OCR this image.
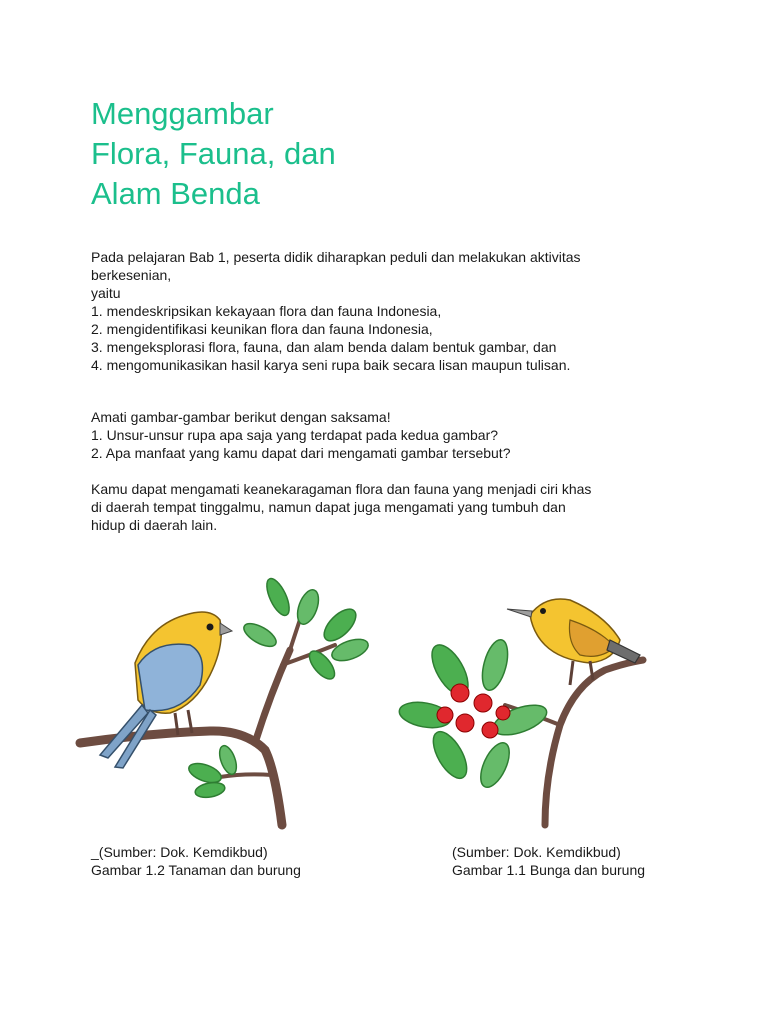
Menggambar
Flora, Fauna, dan
Alam Benda
Pada pelajaran Bab 1, peserta didik diharapkan peduli dan melakukan aktivitas
berkesenian,
yaitu
1. mendeskripsikan kekayaan flora dan fauna Indonesia,
2. mengidentifikasi keunikan flora dan fauna Indonesia,
3. mengeksplorasi flora, fauna, dan alam benda dalam bentuk gambar, dan
4. mengomunikasikan hasil karya seni rupa baik secara lisan maupun tulisan.
Amati gambar-gambar berikut dengan saksama!
1. Unsur-unsur rupa apa saja yang terdapat pada kedua gambar?
2. Apa manfaat yang kamu dapat dari mengamati gambar tersebut?
Kamu dapat mengamati keanekaragaman flora dan fauna yang menjadi ciri khas
di daerah tempat tinggalmu, namun dapat juga mengamati yang tumbuh dan
hidup di daerah lain.
_(Sumber: Dok. Kemdikbud)
Gambar 1.2 Tanaman dan burung
(Sumber: Dok. Kemdikbud)
Gambar 1.1 Bunga dan burung
